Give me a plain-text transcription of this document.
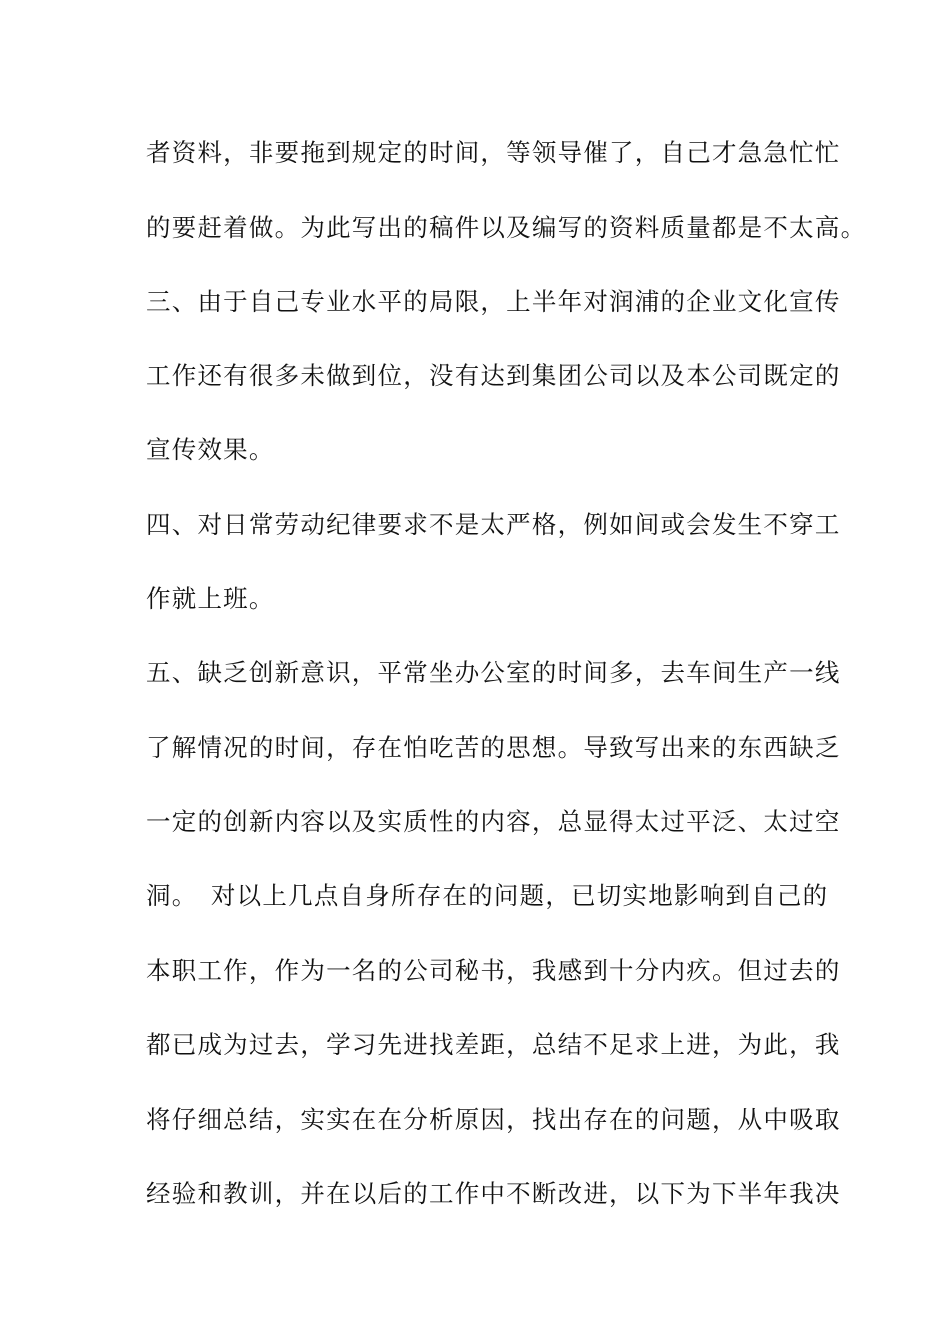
者资料，非要拖到规定的时间，等领导催了，自己才急急忙忙
的要赶着做。为此写出的稿件以及编写的资料质量都是不太高。
三、由于自己专业水平的局限，上半年对润浦的企业文化宣传
工作还有很多未做到位，没有达到集团公司以及本公司既定的
宣传效果。
四、对日常劳动纪律要求不是太严格，例如间或会发生不穿工
作就上班。
五、缺乏创新意识，平常坐办公室的时间多，去车间生产一线
了解情况的时间，存在怕吃苦的思想。导致写出来的东西缺乏
一定的创新内容以及实质性的内容，总显得太过平泛、太过空
洞。　对以上几点自身所存在的问题，已切实地影响到自己的
本职工作，作为一名的公司秘书，我感到十分内疚。但过去的
都已成为过去，学习先进找差距，总结不足求上进，为此，我
将仔细总结，实实在在分析原因，找出存在的问题，从中吸取
经验和教训，并在以后的工作中不断改进，以下为下半年我决
